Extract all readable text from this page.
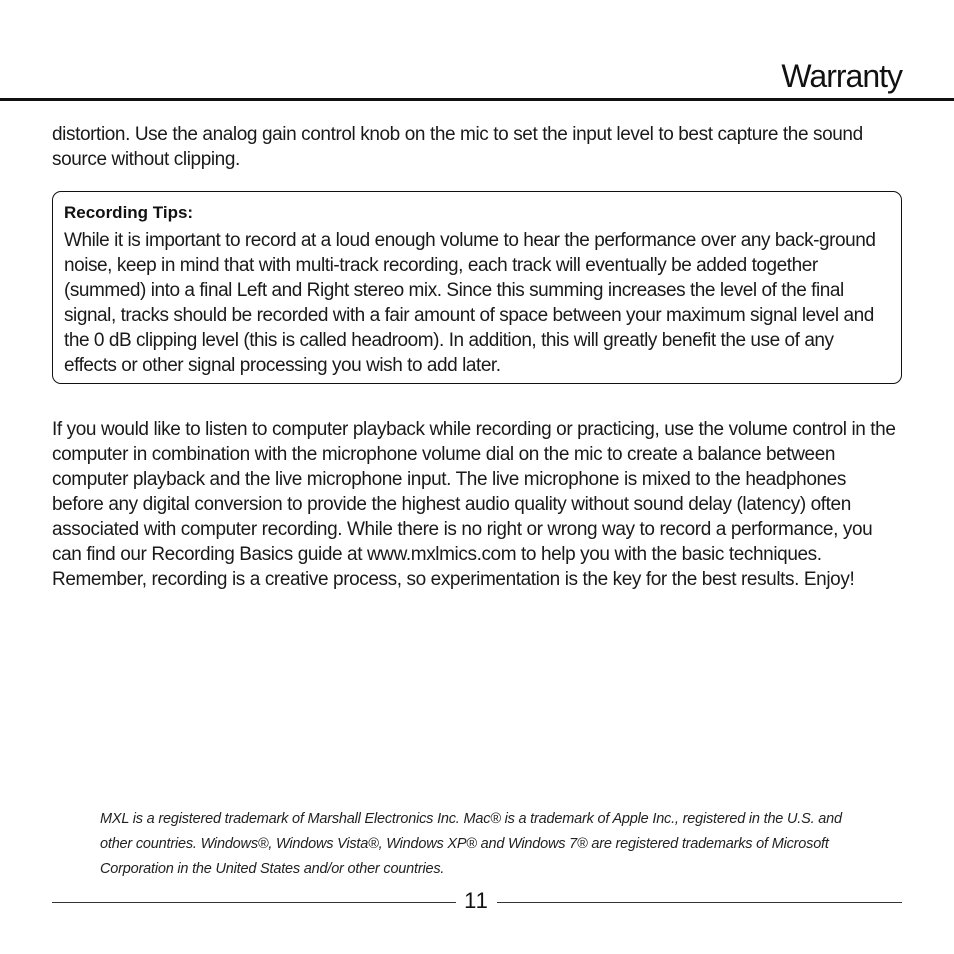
Warranty

distortion. Use the analog gain control knob on the mic to set the input level to best capture the sound source without clipping.

Recording Tips:

While it is important to record at a loud enough volume to hear the performance over any back-ground noise, keep in mind that with multi-track recording, each track will eventually be added together (summed) into a final Left and Right stereo mix. Since this summing increases the level of the final signal, tracks should be recorded with a fair amount of space between your maximum signal level and the 0 dB clipping level (this is called headroom). In addition, this will greatly benefit the use of any effects or other signal processing you wish to add later.

If you would like to listen to computer playback while recording or practicing, use the volume control in the computer in combination with the microphone volume dial on the mic to create a balance between computer playback and the live microphone input. The live microphone is mixed to the headphones before any digital conversion to provide the highest audio quality without sound delay (latency) often associated with computer recording. While there is no right or wrong way to record a performance, you can find our Recording Basics guide at www.mxlmics.com to help you with the basic techniques. Remember, recording is a creative process, so experimentation is the key for the best results. Enjoy!

MXL is a registered trademark of Marshall Electronics Inc. Mac® is a trademark of Apple Inc., registered in the U.S. and other countries. Windows®, Windows Vista®, Windows XP® and Windows 7® are registered trademarks of Microsoft Corporation in the United States and/or other countries.

11
